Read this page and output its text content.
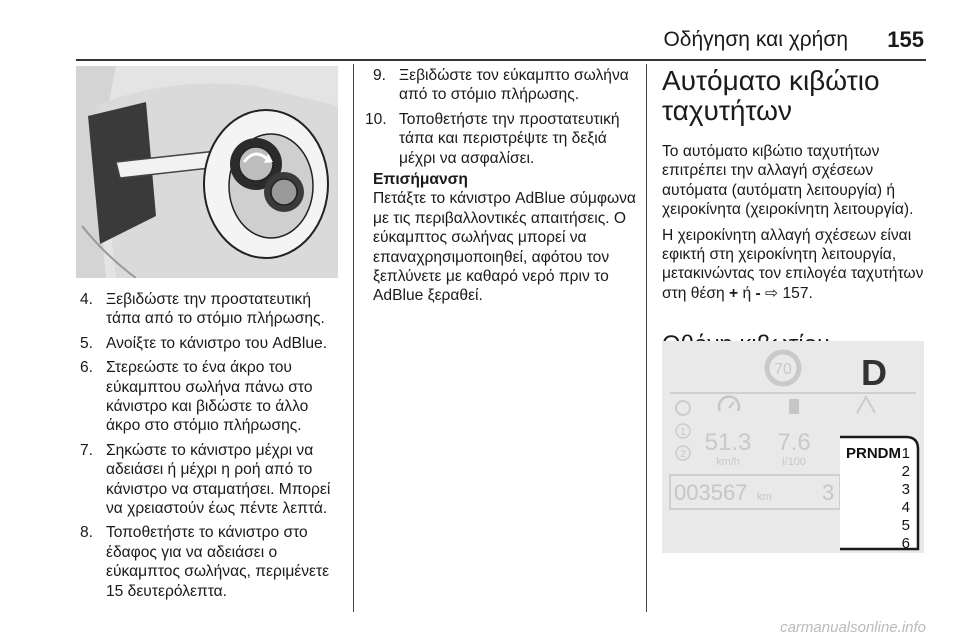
Οδήγηση και χρήση 155
4. Ξεβιδώστε την προστατευτική τάπα από το στόμιο πλήρωσης.
5. Ανοίξτε το κάνιστρο του AdBlue.
6. Στερεώστε το ένα άκρο του εύκαμπτου σωλήνα πάνω στο κάνιστρο και βιδώστε το άλλο άκρο στο στόμιο πλήρωσης.
7. Σηκώστε το κάνιστρο μέχρι να αδειάσει ή μέχρι η ροή από το κάνιστρο να σταματήσει. Μπορεί να χρειαστούν έως πέντε λεπτά.
8. Τοποθετήστε το κάνιστρο στο έδαφος για να αδειάσει ο εύκαμπτος σωλήνας, περιμένετε 15 δευτερόλεπτα.
9. Ξεβιδώστε τον εύκαμπτο σωλήνα από το στόμιο πλήρωσης.
10. Τοποθετήστε την προστατευτική τάπα και περιστρέψτε τη δεξιά μέχρι να ασφαλίσει.
Επισήμανση
Πετάξτε το κάνιστρο AdBlue σύμφωνα με τις περιβαλλοντικές απαιτήσεις. Ο εύκαμπτος σωλήνας μπορεί να επαναχρησιμοποιηθεί, αφότου τον ξεπλύνετε με καθαρό νερό πριν το AdBlue ξεραθεί.
Αυτόματο κιβώτιο ταχυτήτων
Το αυτόματο κιβώτιο ταχυτήτων επιτρέπει την αλλαγή σχέσεων αυτόματα (αυτόματη λειτουργία) ή χειροκίνητα (χειροκίνητη λειτουργία).
Η χειροκίνητη αλλαγή σχέσεων είναι εφικτή στη χειροκίνητη λειτουργία, μετακινώντας τον επιλογέα ταχυτήτων στη θέση + ή - ⇨ 157.
70 D
1
2 51.3
km/h
7.6
l/100
003567 km 3
PRNDM 1
2
3
4
5
6
carmanualsonline.info
